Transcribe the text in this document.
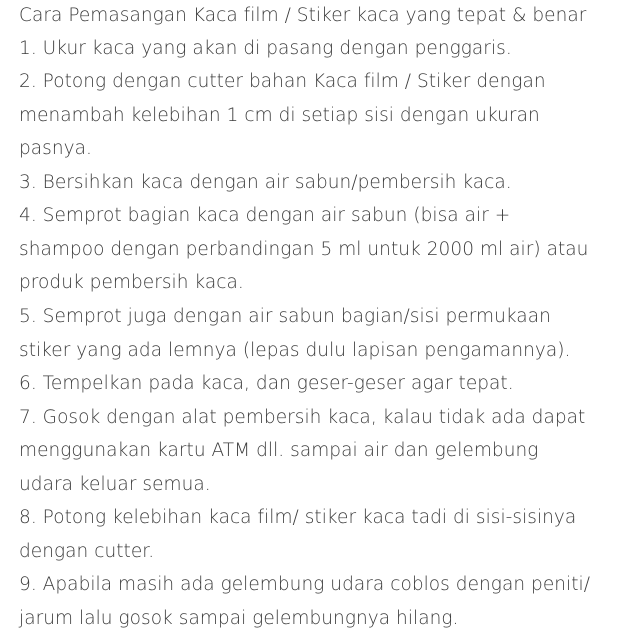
Cara Pemasangan Kaca film / Stiker kaca yang tepat & benar
1. Ukur kaca yang akan di pasang dengan penggaris.
2. Potong dengan cutter bahan Kaca film / Stiker dengan
menambah kelebihan 1 cm di setiap sisi dengan ukuran
pasnya.
3. Bersihkan kaca dengan air sabun/pembersih kaca.
4. Semprot bagian kaca dengan air sabun (bisa air +
shampoo dengan perbandingan 5 ml untuk 2000 ml air) atau
produk pembersih kaca.
5. Semprot juga dengan air sabun bagian/sisi permukaan
stiker yang ada lemnya (lepas dulu lapisan pengamannya).
6. Tempelkan pada kaca, dan geser-geser agar tepat.
7. Gosok dengan alat pembersih kaca, kalau tidak ada dapat
menggunakan kartu ATM dll. sampai air dan gelembung
udara keluar semua.
8. Potong kelebihan kaca film/ stiker kaca tadi di sisi-sisinya
dengan cutter.
9. Apabila masih ada gelembung udara coblos dengan peniti/
jarum lalu gosok sampai gelembungnya hilang.
